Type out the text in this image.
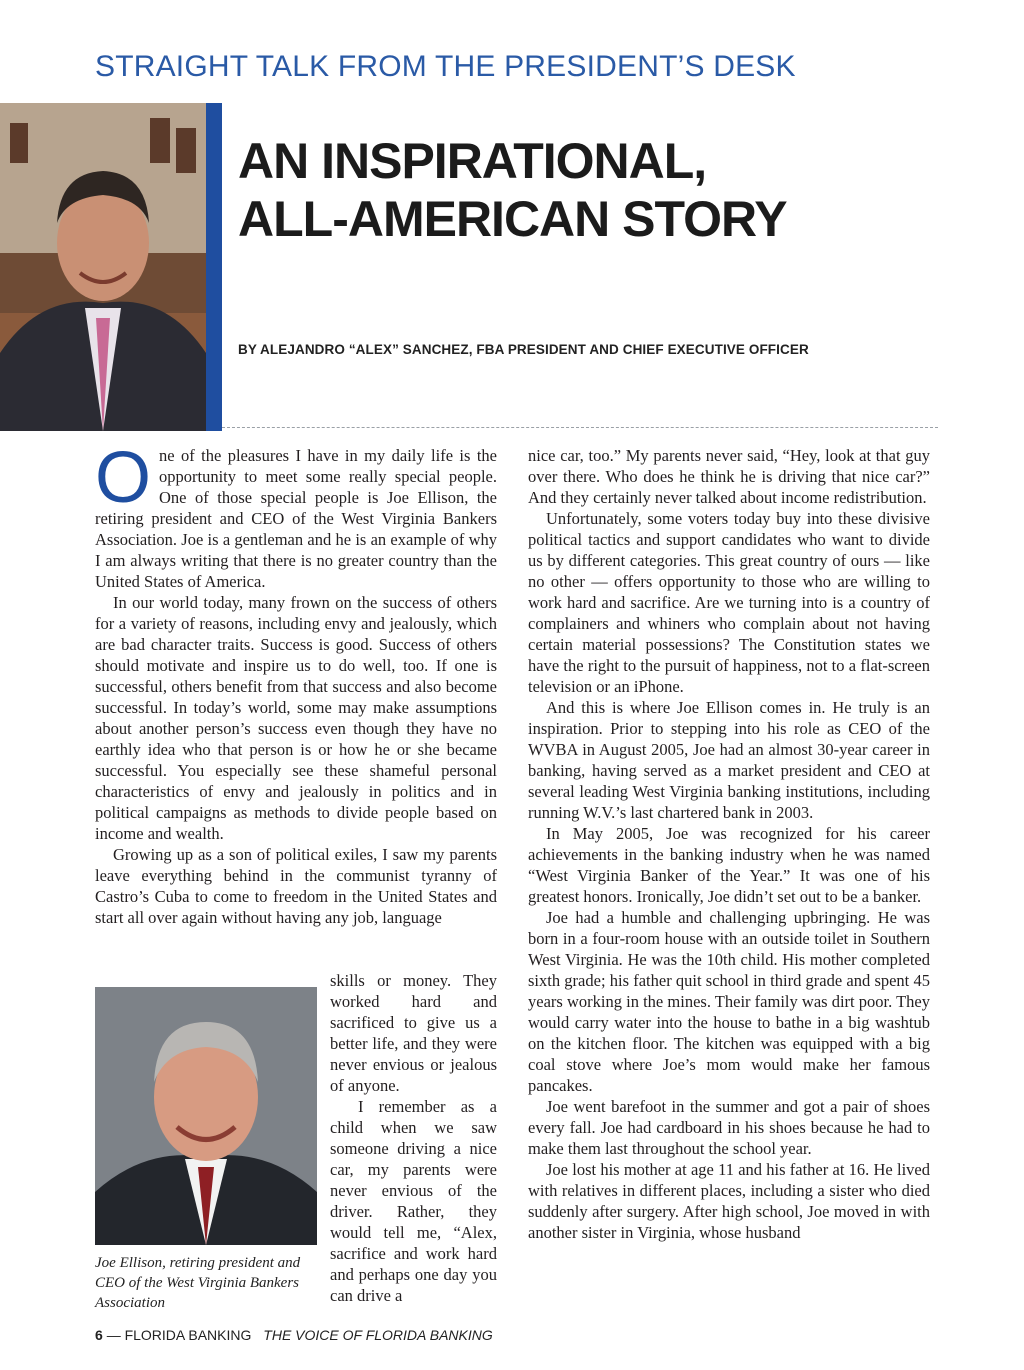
STRAIGHT TALK FROM THE PRESIDENT’S DESK
AN INSPIRATIONAL,
ALL-AMERICAN STORY
BY ALEJANDRO “ALEX” SANCHEZ, FBA PRESIDENT AND CHIEF EXECUTIVE OFFICER

One of the pleasures I have in my daily life is the opportunity to meet some really special people. One of those special people is Joe Ellison, the retiring president and CEO of the West Virginia Bankers Association. Joe is a gentleman and he is an example of why I am always writing that there is no greater country than the United States of America.

In our world today, many frown on the success of others for a variety of reasons, including envy and jealously, which are bad character traits. Success is good. Success of others should motivate and inspire us to do well, too. If one is successful, others benefit from that success and also become successful. In today’s world, some may make assumptions about another person’s success even though they have no earthly idea who that person is or how he or she became successful. You especially see these shameful personal characteristics of envy and jealously in politics and in political campaigns as methods to divide people based on income and wealth.

Growing up as a son of political exiles, I saw my parents leave everything behind in the communist tyranny of Castro’s Cuba to come to freedom in the United States and start all over again without having any job, language

skills or money. They worked hard and sacrificed to give us a better life, and they were never envious or jealous of anyone.

I remember as a child when we saw someone driving a nice car, my parents were never envious of the driver. Rather, they would tell me, “Alex, sacrifice and work hard and perhaps one day you can drive a

Joe Ellison, retiring president and CEO of the West Virginia Bankers Association

nice car, too.” My parents never said, “Hey, look at that guy over there. Who does he think he is driving that nice car?” And they certainly never talked about income redistribution.

Unfortunately, some voters today buy into these divisive political tactics and support candidates who want to divide us by different categories. This great country of ours — like no other — offers opportunity to those who are willing to work hard and sacrifice. Are we turning into is a country of complainers and whiners who complain about not having certain material possessions? The Constitution states we have the right to the pursuit of happiness, not to a flat-screen television or an iPhone.

And this is where Joe Ellison comes in. He truly is an inspiration. Prior to stepping into his role as CEO of the WVBA in August 2005, Joe had an almost 30-year career in banking, having served as a market president and CEO at several leading West Virginia banking institutions, including running W.V.’s last chartered bank in 2003.

In May 2005, Joe was recognized for his career achievements in the banking industry when he was named “West Virginia Banker of the Year.” It was one of his greatest honors. Ironically, Joe didn’t set out to be a banker.

Joe had a humble and challenging upbringing. He was born in a four-room house with an outside toilet in Southern West Virginia. He was the 10th child. His mother completed sixth grade; his father quit school in third grade and spent 45 years working in the mines. Their family was dirt poor. They would carry water into the house to bathe in a big washtub on the kitchen floor. The kitchen was equipped with a big coal stove where Joe’s mom would make her famous pancakes.

Joe went barefoot in the summer and got a pair of shoes every fall. Joe had cardboard in his shoes because he had to make them last throughout the school year.

Joe lost his mother at age 11 and his father at 16. He lived with relatives in different places, including a sister who died suddenly after surgery. After high school, Joe moved in with another sister in Virginia, whose husband

6 — FLORIDA BANKING THE VOICE OF FLORIDA BANKING
